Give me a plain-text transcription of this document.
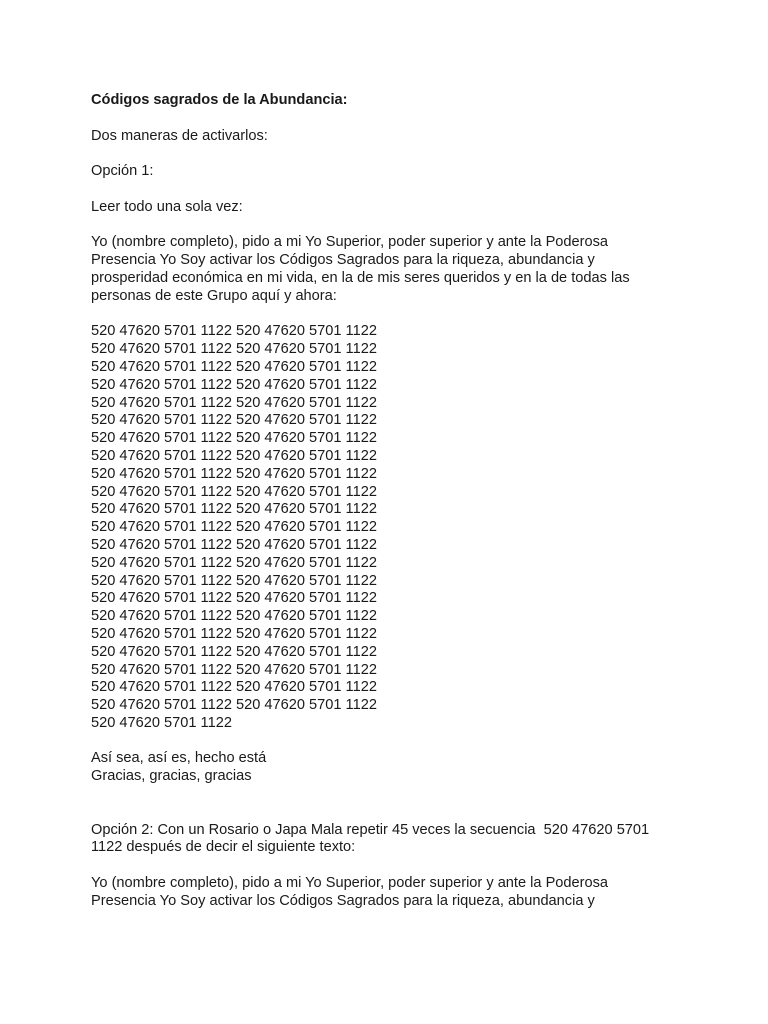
Códigos sagrados de la Abundancia:

Dos maneras de activarlos:

Opción 1:

Leer todo una sola vez:

Yo (nombre completo), pido a mi Yo Superior, poder superior y ante la Poderosa
Presencia Yo Soy activar los Códigos Sagrados para la riqueza, abundancia y
prosperidad económica en mi vida, en la de mis seres queridos y en la de todas las
personas de este Grupo aquí y ahora:

520 47620 5701 1122 520 47620 5701 1122
520 47620 5701 1122 520 47620 5701 1122
520 47620 5701 1122 520 47620 5701 1122
520 47620 5701 1122 520 47620 5701 1122
520 47620 5701 1122 520 47620 5701 1122
520 47620 5701 1122 520 47620 5701 1122
520 47620 5701 1122 520 47620 5701 1122
520 47620 5701 1122 520 47620 5701 1122
520 47620 5701 1122 520 47620 5701 1122
520 47620 5701 1122 520 47620 5701 1122
520 47620 5701 1122 520 47620 5701 1122
520 47620 5701 1122 520 47620 5701 1122
520 47620 5701 1122 520 47620 5701 1122
520 47620 5701 1122 520 47620 5701 1122
520 47620 5701 1122 520 47620 5701 1122
520 47620 5701 1122 520 47620 5701 1122
520 47620 5701 1122 520 47620 5701 1122
520 47620 5701 1122 520 47620 5701 1122
520 47620 5701 1122 520 47620 5701 1122
520 47620 5701 1122 520 47620 5701 1122
520 47620 5701 1122 520 47620 5701 1122
520 47620 5701 1122 520 47620 5701 1122
520 47620 5701 1122

Así sea, así es, hecho está
Gracias, gracias, gracias

Opción 2: Con un Rosario o Japa Mala repetir 45 veces la secuencia  520 47620 5701
1122 después de decir el siguiente texto:

Yo (nombre completo), pido a mi Yo Superior, poder superior y ante la Poderosa
Presencia Yo Soy activar los Códigos Sagrados para la riqueza, abundancia y
